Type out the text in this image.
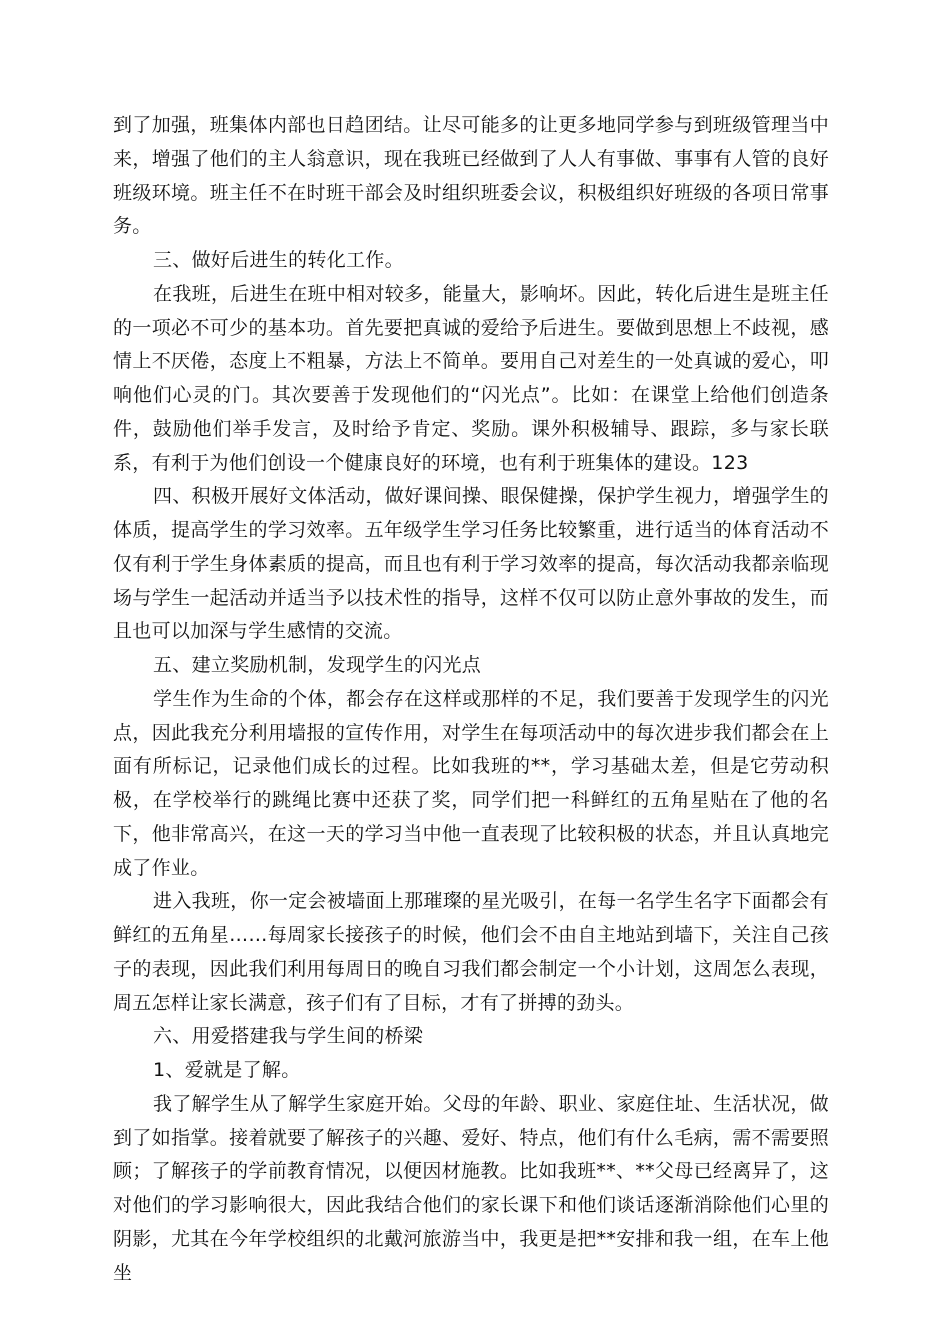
到了加强，班集体内部也日趋团结。让尽可能多的让更多地同学参与到班级管理当中来，增强了他们的主人翁意识，现在我班已经做到了人人有事做、事事有人管的良好班级环境。班主任不在时班干部会及时组织班委会议，积极组织好班级的各项日常事务。

三、做好后进生的转化工作。

在我班，后进生在班中相对较多，能量大，影响坏。因此，转化后进生是班主任的一项必不可少的基本功。首先要把真诚的爱给予后进生。要做到思想上不歧视，感情上不厌倦，态度上不粗暴，方法上不简单。要用自己对差生的一处真诚的爱心，叩响他们心灵的门。其次要善于发现他们的“闪光点”。比如：在课堂上给他们创造条件，鼓励他们举手发言，及时给予肯定、奖励。课外积极辅导、跟踪，多与家长联系，有利于为他们创设一个健康良好的环境，也有利于班集体的建设。123

四、积极开展好文体活动，做好课间操、眼保健操，保护学生视力，增强学生的体质，提高学生的学习效率。五年级学生学习任务比较繁重，进行适当的体育活动不仅有利于学生身体素质的提高，而且也有利于学习效率的提高，每次活动我都亲临现场与学生一起活动并适当予以技术性的指导，这样不仅可以防止意外事故的发生，而且也可以加深与学生感情的交流。

五、建立奖励机制，发现学生的闪光点

学生作为生命的个体，都会存在这样或那样的不足，我们要善于发现学生的闪光点，因此我充分利用墙报的宣传作用，对学生在每项活动中的每次进步我们都会在上面有所标记，记录他们成长的过程。比如我班的**，学习基础太差，但是它劳动积极，在学校举行的跳绳比赛中还获了奖，同学们把一科鲜红的五角星贴在了他的名下，他非常高兴，在这一天的学习当中他一直表现了比较积极的状态，并且认真地完成了作业。

进入我班，你一定会被墙面上那璀璨的星光吸引，在每一名学生名字下面都会有鲜红的五角星……每周家长接孩子的时候，他们会不由自主地站到墙下，关注自己孩子的表现，因此我们利用每周日的晚自习我们都会制定一个小计划，这周怎么表现，周五怎样让家长满意，孩子们有了目标，才有了拼搏的劲头。

六、用爱搭建我与学生间的桥梁

1、爱就是了解。

我了解学生从了解学生家庭开始。父母的年龄、职业、家庭住址、生活状况，做到了如指掌。接着就要了解孩子的兴趣、爱好、特点，他们有什么毛病，需不需要照顾；了解孩子的学前教育情况，以便因材施教。比如我班**、**父母已经离异了，这对他们的学习影响很大，因此我结合他们的家长课下和他们谈话逐渐消除他们心里的阴影，尤其在今年学校组织的北戴河旅游当中，我更是把**安排和我一组，在车上他坐
